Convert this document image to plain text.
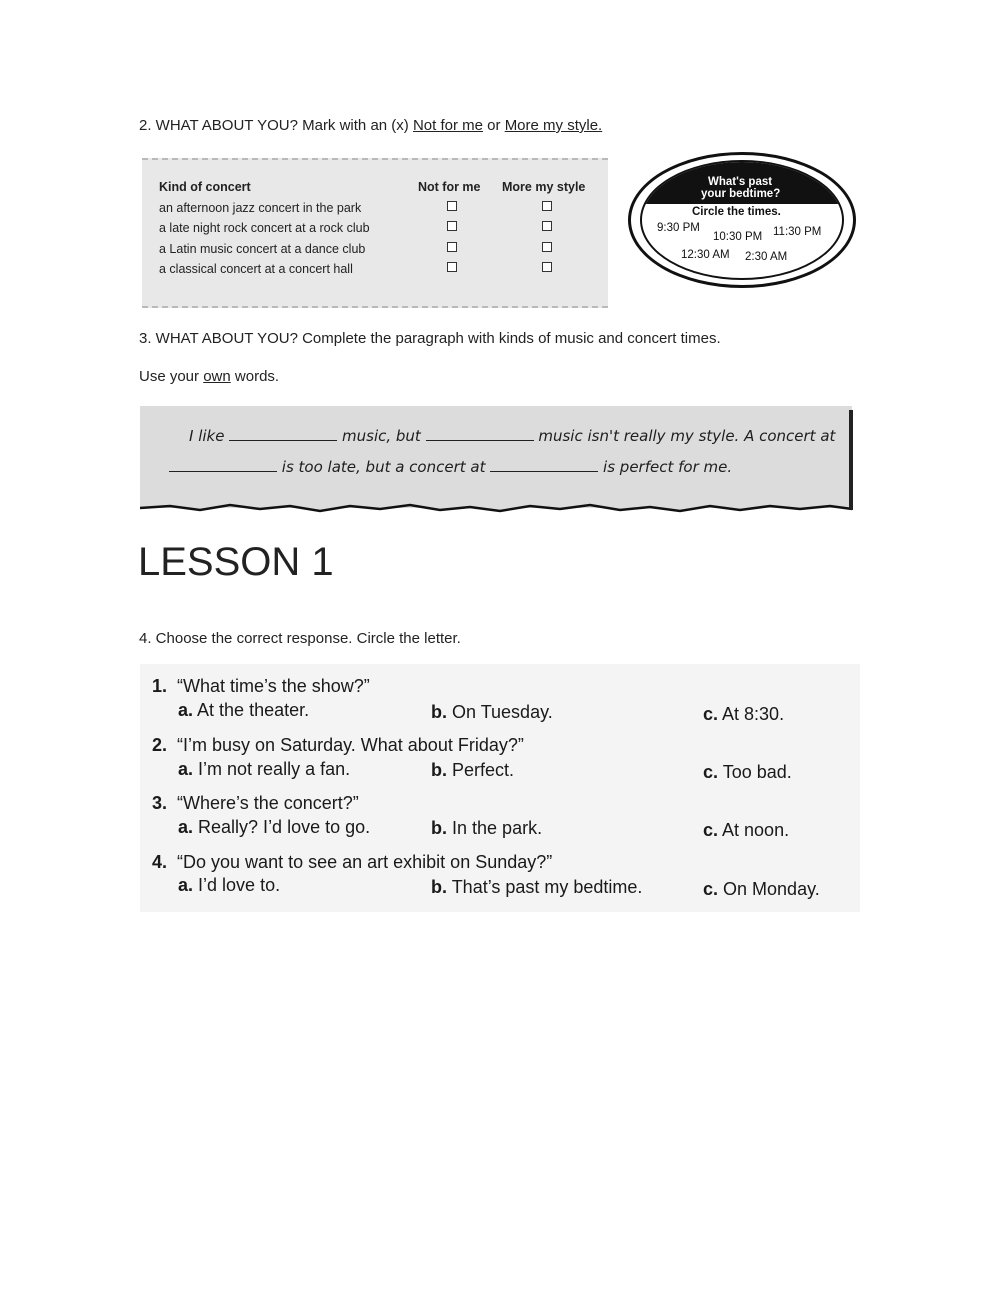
2. WHAT ABOUT YOU? Mark with an (x) Not for me or More my style.
Kind of concert	Not for me More my style
an afternoon jazz concert in the park
a late night rock concert at a rock club
a Latin music concert at a dance club
a classical concert at a concert hall
What's past
your bedtime?
Circle the times.
9:30 PM
10:30 PM 11:30 PM
12:30 AM 2:30 AM
3. WHAT ABOUT YOU? Complete the paragraph with kinds of music and concert times.
Use your own words.
I like	music, but	music isn't really my style. A concert at
is too late, but a concert at	is perfect for me.
LESSON 1
4. Choose the correct response. Circle the letter.
1. “What time’s the show?”
a. At the theater.	b. On Tuesday.	c. At 8:30.
2. “I’m busy on Saturday. What about Friday?”
a. I’m not really a fan.	b. Perfect.	c. Too bad.
3. “Where’s the concert?”
a. Really? I’d love to go.	b. In the park.	c. At noon.
4. “Do you want to see an art exhibit on Sunday?”
a. I’d love to.	b. That’s past my bedtime.	c. On Monday.
